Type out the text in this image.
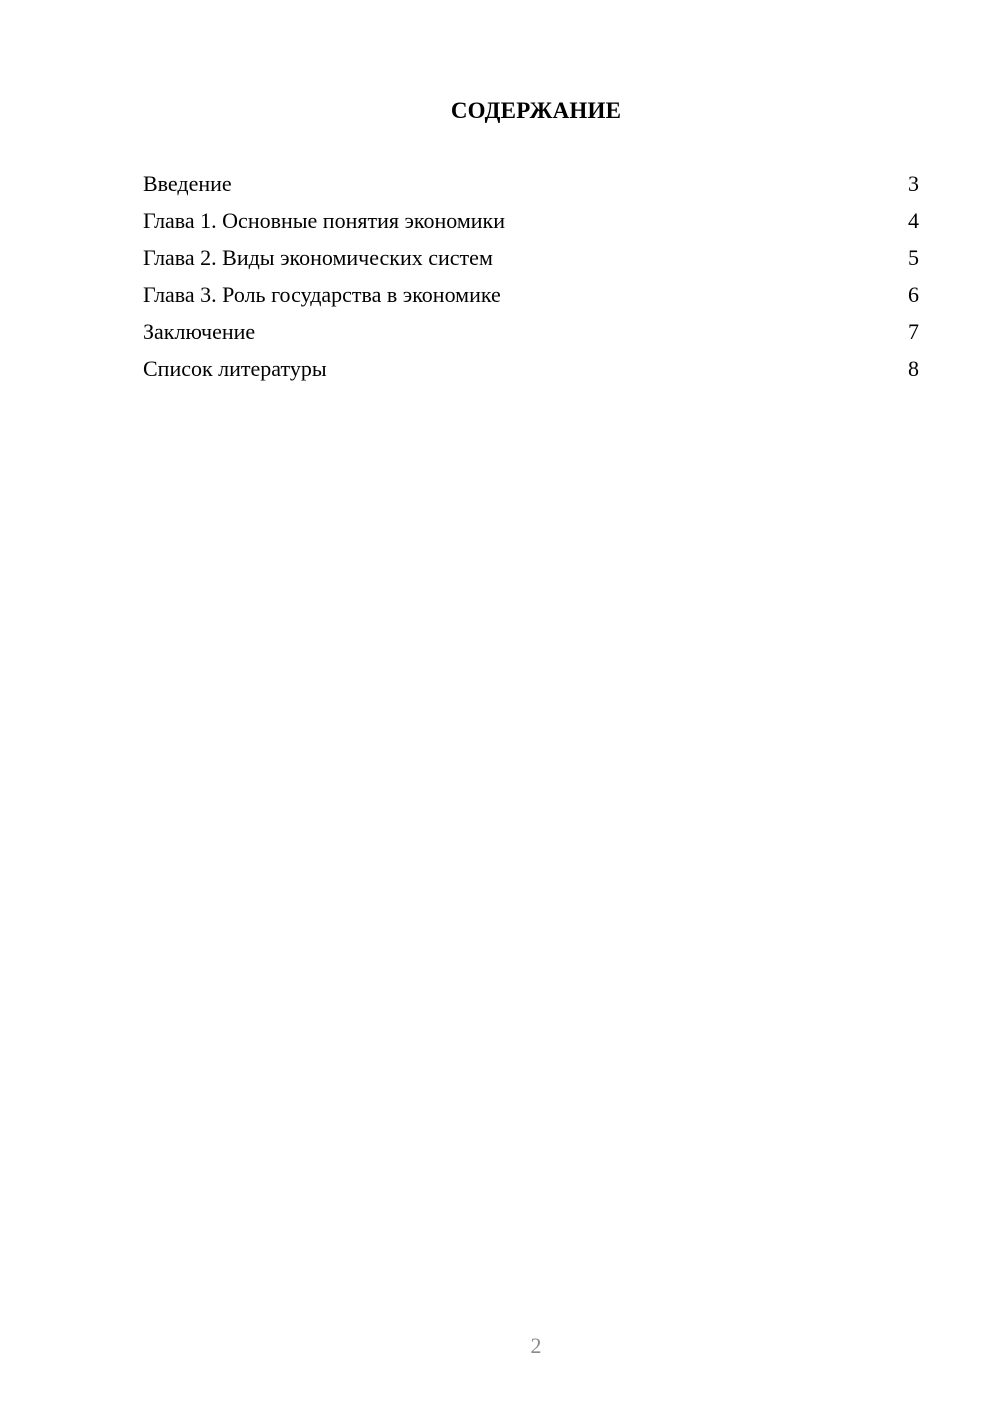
СОДЕРЖАНИЕ
Введение	3
Глава 1. Основные понятия экономики	4
Глава 2. Виды экономических систем	5
Глава 3. Роль государства в экономике	6
Заключение	7
Список литературы	8
2
